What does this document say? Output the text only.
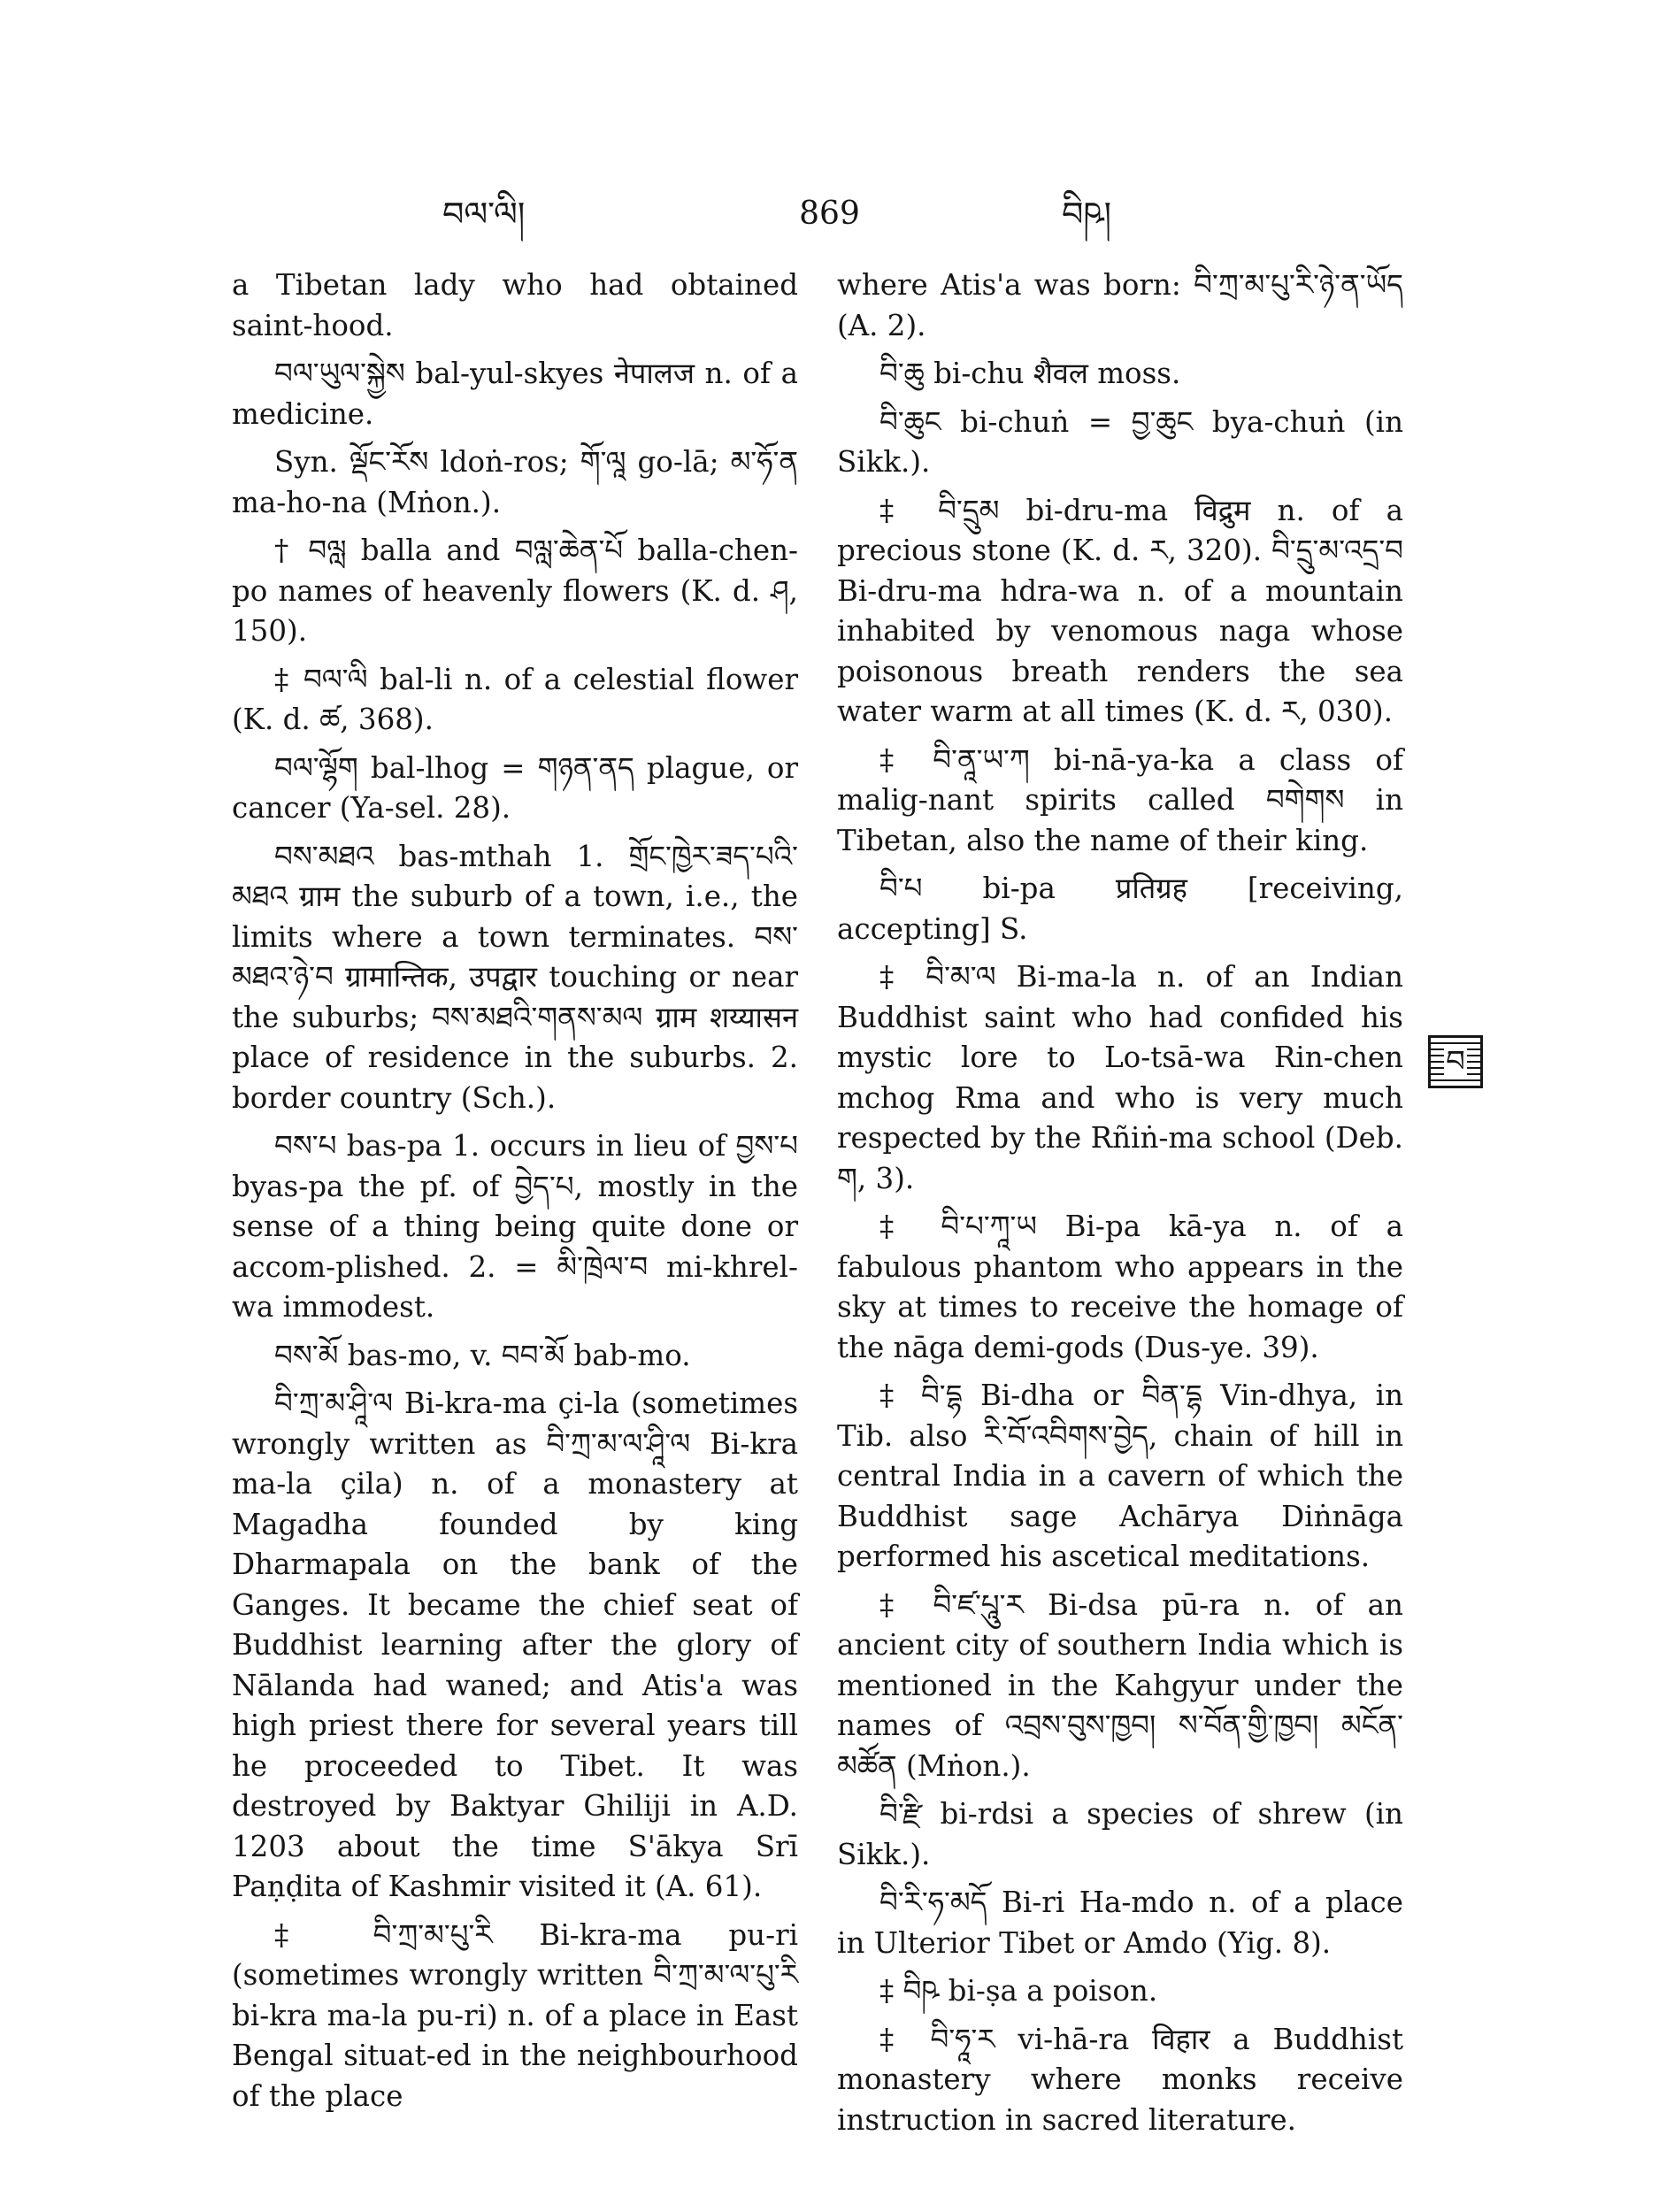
བལ་ལི།	869	བིཥ།

a Tibetan lady who had obtained saint-hood.

བལ་ཡུལ་སྐྱེས bal-yul-skyes नेपालज n. of a medicine.

Syn. ལྡོང་རོས ldoṅ-ros; གོ་ལཱ go-lā; མ་ཧོ་ན ma-ho-na (Mṅon.).

† བལླ balla and བལླ་ཆེན་པོ balla-chen-po names of heavenly flowers (K. d. ཤ, 150).

‡ བལ་ལི bal-li n. of a celestial flower (K. d. ཚ, 368).

བལ་ལྷོག bal-lhog = གཉན་ནད plague, or cancer (Ya-sel. 28).

བས་མཐའ bas-mthah 1. གྲོང་ཁྱེར་ཟད་པའི་མཐའ ग्राम the suburb of a town, i.e., the limits where a town terminates. བས་མཐའ་ཉེ་བ ग्रामान्तिक, उपद्वार touching or near the suburbs; བས་མཐའི་གནས་མལ ग्राम शय्यासन place of residence in the suburbs. 2. border country (Sch.).

བས་པ bas-pa 1. occurs in lieu of བྱས་པ byas-pa the pf. of བྱེད་པ, mostly in the sense of a thing being quite done or accom-plished. 2. = མི་ཁྲེལ་བ mi-khrel-wa immodest.

བས་མོ bas-mo, v. བབ་མོ bab-mo.

བི་ཀྲ་མ་ཤཱི་ལ Bi-kra-ma çi-la (sometimes wrongly written as བི་ཀྲ་མ་ལ་ཤཱི་ལ Bi-kra ma-la çila) n. of a monastery at Magadha founded by king Dharmapala on the bank of the Ganges. It became the chief seat of Buddhist learning after the glory of Nālanda had waned; and Atis'a was high priest there for several years till he proceeded to Tibet. It was destroyed by Baktyar Ghiliji in A.D. 1203 about the time S'ākya Srī Paṇḍita of Kashmir visited it (A. 61).

‡ བི་ཀྲ་མ་པུ་རི Bi-kra-ma pu-ri (sometimes wrongly written བི་ཀྲ་མ་ལ་པུ་རི bi-kra ma-la pu-ri) n. of a place in East Bengal situat-ed in the neighbourhood of the place

where Atis'a was born: བི་ཀྲ་མ་པུ་རི་ཉེ་ན་ཡོད (A. 2).

བི་ཆུ bi-chu शैवल moss.

བི་ཆུང bi-chuṅ = བྱ་ཆུང bya-chuṅ (in Sikk.).

‡ བི་དྲུམ bi-dru-ma विद्रुम n. of a precious stone (K. d. ར, 320). བི་དྲུ་མ་འདྲ་བ Bi-dru-ma hdra-wa n. of a mountain inhabited by venomous naga whose poisonous breath renders the sea water warm at all times (K. d. ར, 030).

‡ བི་ནཱ་ཡ་ཀ bi-nā-ya-ka a class of malig-nant spirits called བགེགས in Tibetan, also the name of their king.

བི་པ bi-pa प्रतिग्रह [receiving, accepting] S.

‡ བི་མ་ལ Bi-ma-la n. of an Indian Buddhist saint who had confided his mystic lore to Lo-tsā-wa Rin-chen mchog Rma and who is very much respected by the Rñiṅ-ma school (Deb. ག, 3).

‡ བི་པ་ཀཱ་ཡ Bi-pa kā-ya n. of a fabulous phantom who appears in the sky at times to receive the homage of the nāga demi-gods (Dus-ye. 39).

‡ བི་དྷ Bi-dha or བིན་དྷ Vin-dhya, in Tib. also རི་བོ་འབིགས་བྱེད, chain of hill in central India in a cavern of which the Buddhist sage Achārya Diṅnāga performed his ascetical meditations.

‡ བི་ཛ་པཱུ་ར Bi-dsa pū-ra n. of an ancient city of southern India which is mentioned in the Kahgyur under the names of འབྲས་བུས་ཁྱབ། ས་བོན་གྱི་ཁྱབ། མངོན་མཚོན (Mṅon.).

བི་རྫི bi-rdsi a species of shrew (in Sikk.).

བི་རི་ཧ་མདོ Bi-ri Ha-mdo n. of a place in Ulterior Tibet or Amdo (Yig. 8).

‡ བིཥ bi-ṣa a poison.

‡ བི་ཧཱ་ར vi-hā-ra विहार a Buddhist monastery where monks receive instruction in sacred literature.

བ
